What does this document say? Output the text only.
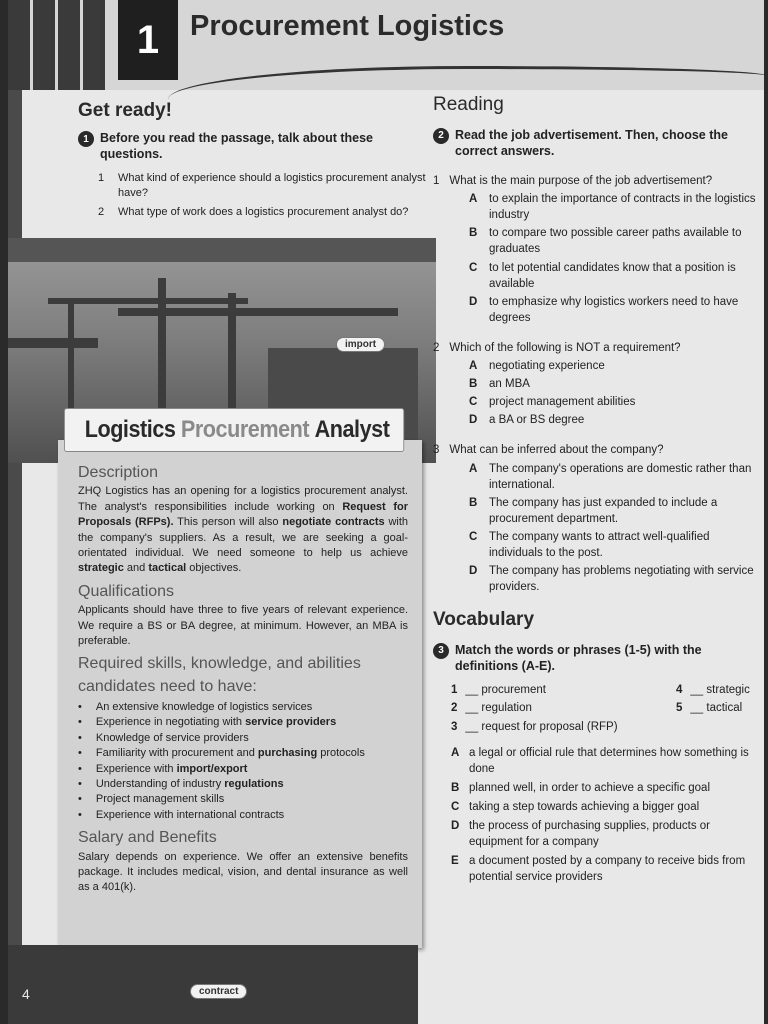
1	Procurement Logistics
Get ready!
1 Before you read the passage, talk about these questions.
1	What kind of experience should a logistics procurement analyst have?
2	What type of work does a logistics procurement analyst do?
import
Description

ZHQ Logistics has an opening for a logistics procurement analyst. The analyst's responsibilities include working on Request for Proposals (RFPs). This person will also negotiate contracts with the company's suppliers. As a result, we are seeking a goal-orientated individual. We need someone to help us achieve strategic and tactical objectives.

Qualifications

Applicants should have three to five years of relevant experience. We require a BS or BA degree, at minimum. However, an MBA is preferable.

Required skills, knowledge, and abilities candidates need to have:
• An extensive knowledge of logistics services
• Experience in negotiating with service providers
• Knowledge of service providers
• Familiarity with procurement and purchasing protocols
• Experience with import/export
• Understanding of industry regulations
• Project management skills
• Experience with international contracts
Salary and Benefits

Salary depends on experience. We offer an extensive benefits package. It includes medical, vision, and dental insurance as well as a 401(k).

Logistics Procurement Analyst
contract
4
Reading
2 Read the job advertisement. Then, choose the correct answers.
1 What is the main purpose of the job advertisement?
A to explain the importance of contracts in the logistics industry
B to compare two possible career paths available to graduates
C to let potential candidates know that a position is available
D to emphasize why logistics workers need to have degrees
2 Which of the following is NOT a requirement?
A negotiating experience
B an MBA
C project management abilities
D a BA or BS degree
3 What can be inferred about the company?
A The company's operations are domestic rather than international.
B The company has just expanded to include a procurement department.
C The company wants to attract well-qualified individuals to the post.
D The company has problems negotiating with service providers.
Vocabulary
3 Match the words or phrases (1-5) with the definitions (A-E).
1 __ procurement
2 __ regulation
3 __ request for proposal (RFP)
4 __ strategic
5 __ tactical
A a legal or official rule that determines how something is done
B planned well, in order to achieve a specific goal
C taking a step towards achieving a bigger goal
D the process of purchasing supplies, products or equipment for a company
E a document posted by a company to receive bids from potential service providers
